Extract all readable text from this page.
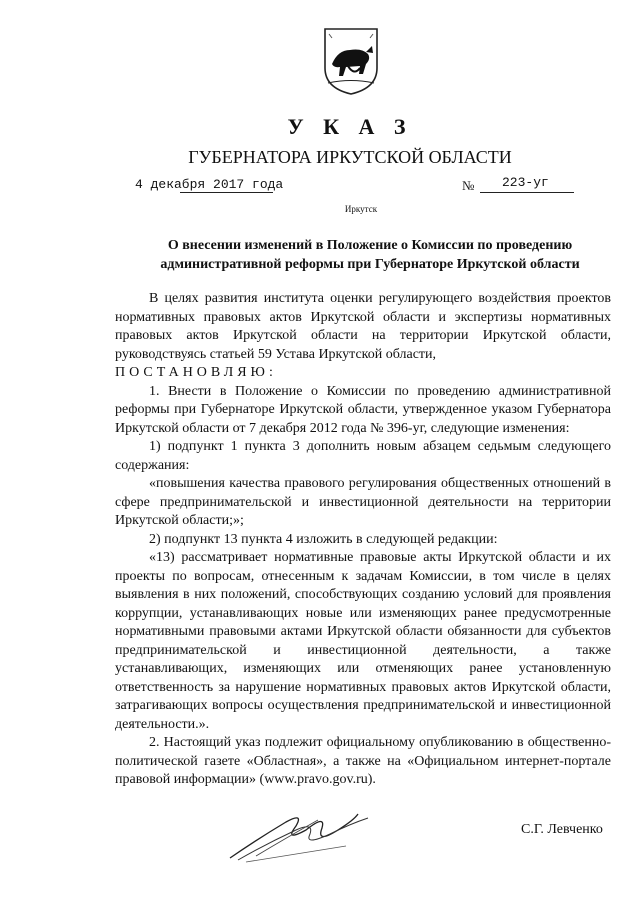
У К А З
ГУБЕРНАТОРА ИРКУТСКОЙ ОБЛАСТИ
4 декабря 2017 года	№ 223-уг
Иркутск
О внесении изменений в Положение о Комиссии по проведению административной реформы при Губернаторе Иркутской области

В целях развития института оценки регулирующего воздействия проектов нормативных правовых актов Иркутской области и экспертизы нормативных правовых актов Иркутской области на территории Иркутской области, руководствуясь статьей 59 Устава Иркутской области,

ПОСТАНОВЛЯЮ:

1. Внести в Положение о Комиссии по проведению административной реформы при Губернаторе Иркутской области, утвержденное указом Губернатора Иркутской области от 7 декабря 2012 года № 396-уг, следующие изменения:

1) подпункт 1 пункта 3 дополнить новым абзацем седьмым следующего содержания:

«повышения качества правового регулирования общественных отношений в сфере предпринимательской и инвестиционной деятельности на территории Иркутской области;»;

2) подпункт 13 пункта 4 изложить в следующей редакции:

«13) рассматривает нормативные правовые акты Иркутской области и их проекты по вопросам, отнесенным к задачам Комиссии, в том числе в целях выявления в них положений, способствующих созданию условий для проявления коррупции, устанавливающих новые или изменяющих ранее предусмотренные нормативными правовыми актами Иркутской области обязанности для субъектов предпринимательской и инвестиционной деятельности, а также устанавливающих, изменяющих или отменяющих ранее установленную ответственность за нарушение нормативных правовых актов Иркутской области, затрагивающих вопросы осуществления предпринимательской и инвестиционной деятельности.».

2. Настоящий указ подлежит официальному опубликованию в общественно-политической газете «Областная», а также на «Официальном интернет-портале правовой информации» (www.pravo.gov.ru).

С.Г. Левченко
